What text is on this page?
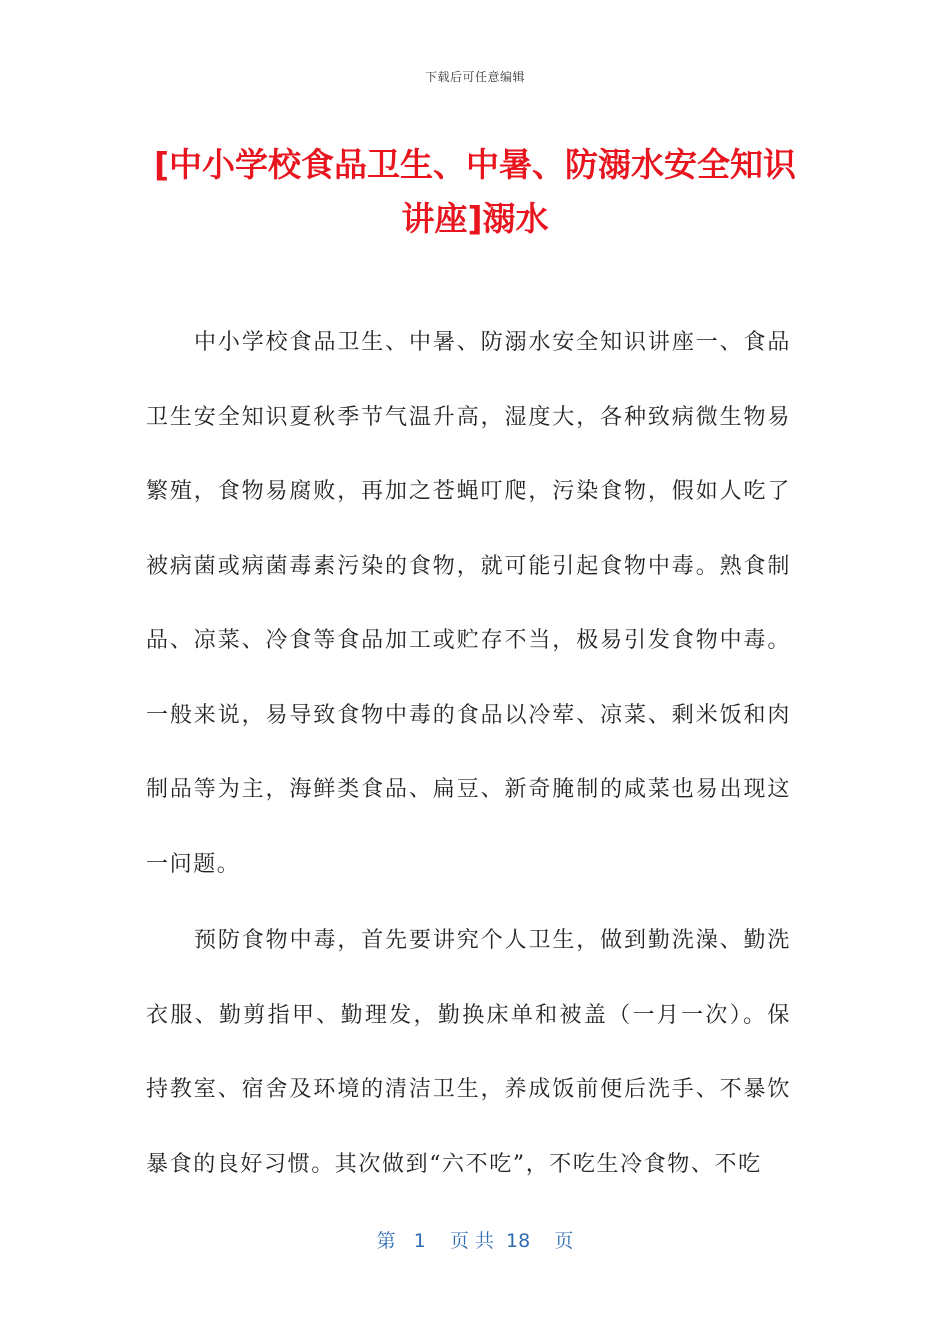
下载后可任意编辑
[中小学校食品卫生、中暑、防溺水安全知识讲座]溺水

中小学校食品卫生、中暑、防溺水安全知识讲座一、食品卫生安全知识夏秋季节气温升高，湿度大，各种致病微生物易繁殖，食物易腐败，再加之苍蝇叮爬，污染食物，假如人吃了被病菌或病菌毒素污染的食物，就可能引起食物中毒。熟食制品、凉菜、冷食等食品加工或贮存不当，极易引发食物中毒。一般来说，易导致食物中毒的食品以冷荤、凉菜、剩米饭和肉制品等为主，海鲜类食品、扁豆、新奇腌制的咸菜也易出现这一问题。

预防食物中毒，首先要讲究个人卫生，做到勤洗澡、勤洗衣服、勤剪指甲、勤理发，勤换床单和被盖（一月一次）。保持教室、宿舍及环境的清洁卫生，养成饭前便后洗手、不暴饮暴食的良好习惯。其次做到“六不吃”，不吃生冷食物、不吃

第   1    页 共  18    页
